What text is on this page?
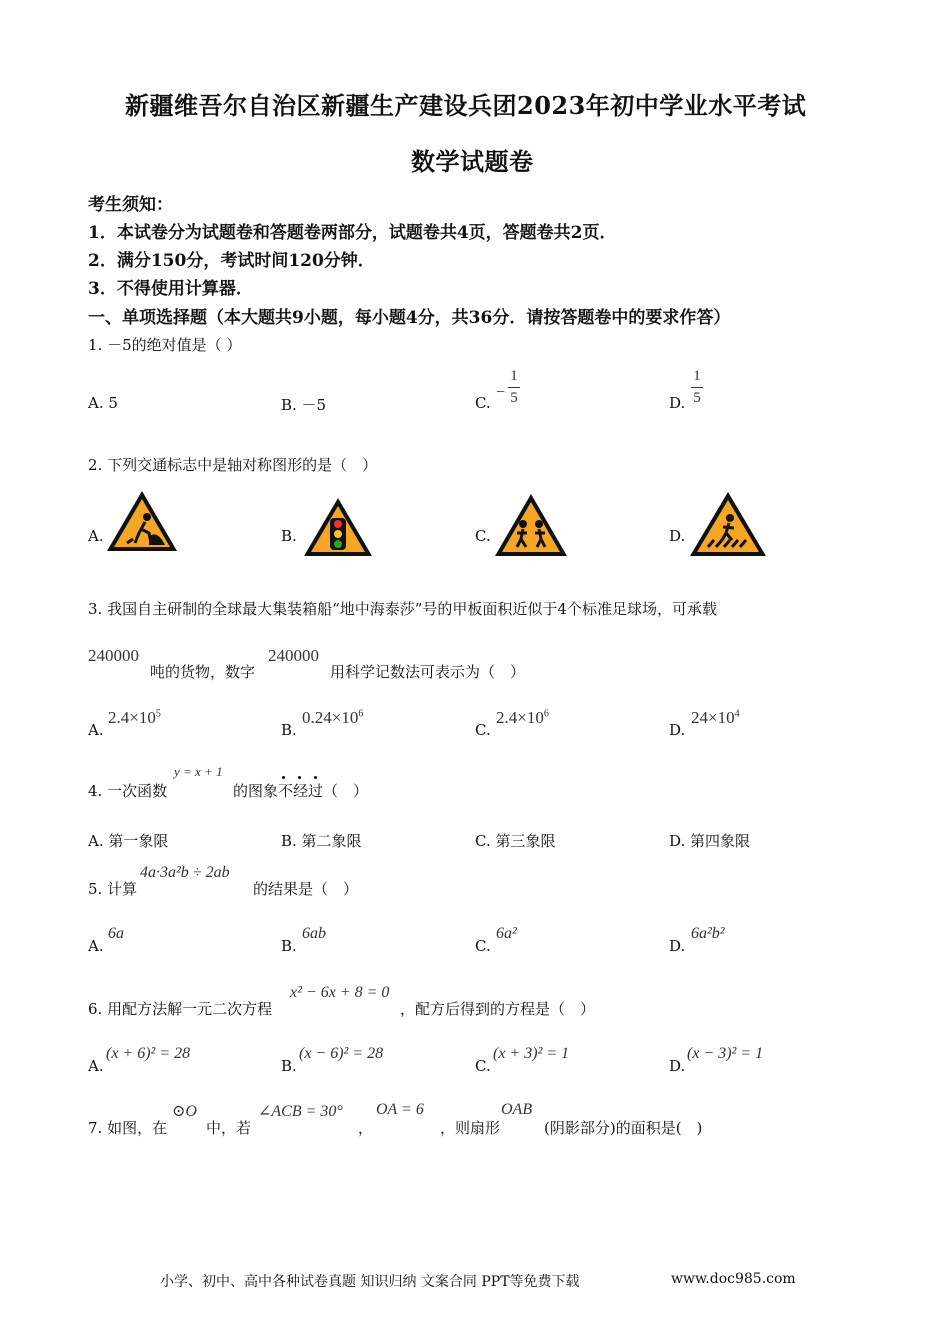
新疆维吾尔自治区新疆生产建设兵团2023年初中学业水平考试
数学试题卷
考生须知：
1．本试卷分为试题卷和答题卷两部分，试题卷共4页，答题卷共2页．
2．满分150分，考试时间120分钟．
3．不得使用计算器．
一、单项选择题（本大题共9小题，每小题4分，共36分．请按答题卷中的要求作答）
1. －5的绝对值是（ ）
A. 5	B. －5	C.
−
1
5	D.
1
5
2. 下列交通标志中是轴对称图形的是（　）
A.	B.	C.	D.
3. 我国自主研制的全球最大集装箱船“地中海泰莎”号的甲板面积近似于4个标准足球场，可承载
240000
吨的货物，数字
240000
用科学记数法可表示为（　）
A.
$2.4\times 10^5$
B.
$0.24\times 10^6$
C.
$2.4\times 10^6$
D.
$24\times 10^4$
4. 一次函数
y = x + 1
的图象不经过（　）
A. 第一象限	B. 第二象限	C. 第三象限	D. 第四象限
5. 计算
4a·3a²b ÷ 2ab
的结果是（　）
A.
6a
B.
6ab
C.
6a²
D.
6a²b²
6. 用配方法解一元二次方程
x² − 6x + 8 = 0
，配方后得到的方程是（　）
A.
(x + 6)² = 28
B.
(x − 6)² = 28
C.
(x + 3)² = 1
D.
(x − 3)² = 1
7. 如图，在
⊙O
中，若
∠ACB = 30°
，
OA = 6
，则扇形
OAB
(阴影部分)的面积是(　)
小学、初中、高中各种试卷真题 知识归纳 文案合同 PPT等免费下载	www.doc985.com
